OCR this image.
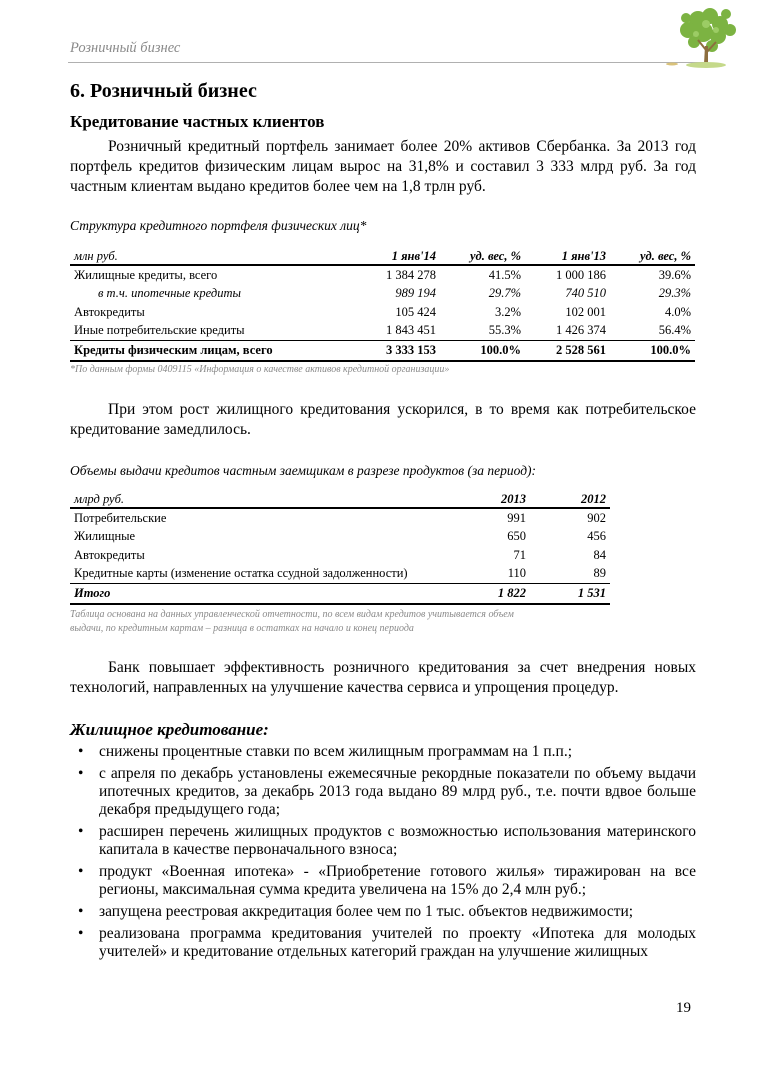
Розничный бизнес
6. Розничный бизнес
Кредитование частных клиентов

Розничный кредитный портфель занимает более 20% активов Сбербанка. За 2013 год портфель кредитов физическим лицам вырос на 31,8% и составил 3 333 млрд руб. За год частным клиентам выдано кредитов более чем на 1,8 трлн руб.

Структура кредитного портфеля физических лиц*
млн руб.	1 янв'14	уд. вес, %	1 янв'13	уд. вес, %
Жилищные кредиты, всего	1 384 278	41.5%	1 000 186	39.6%
в т.ч. ипотечные кредиты	989 194	29.7%	740 510	29.3%
Автокредиты	105 424	3.2%	102 001	4.0%
Иные потребительские кредиты	1 843 451	55.3%	1 426 374	56.4%
Кредиты физическим лицам, всего	3 333 153	100.0%	2 528 561	100.0%
*По данным формы 0409115 «Информация о качестве активов кредитной организации»

При этом рост жилищного кредитования ускорился, в то время как потребительское кредитование замедлилось.

Объемы выдачи кредитов частным заемщикам в разрезе продуктов (за период):
млрд руб.	2013	2012
Потребительские	991	902
Жилищные	650	456
Автокредиты	71	84
Кредитные карты (изменение остатка ссудной задолженности)	110	89
Итого	1 822	1 531
Таблица основана на данных управленческой отчетности, по всем видам кредитов учитывается объем
выдачи, по кредитным картам – разница в остатках на начало и конец периода

Банк повышает эффективность розничного кредитования за счет внедрения новых технологий, направленных на улучшение качества сервиса и упрощения процедур.

Жилищное кредитование:
• снижены процентные ставки по всем жилищным программам на 1 п.п.;
• с апреля по декабрь установлены ежемесячные рекордные показатели по объему выдачи ипотечных кредитов, за декабрь 2013 года выдано 89 млрд руб., т.е. почти вдвое больше декабря предыдущего года;
• расширен перечень жилищных продуктов с возможностью использования материнского капитала в качестве первоначального взноса;
• продукт «Военная ипотека» - «Приобретение готового жилья» тиражирован на все регионы, максимальная сумма кредита увеличена на 15% до 2,4 млн руб.;
• запущена реестровая аккредитация более чем по 1 тыс. объектов недвижимости;
• реализована программа кредитования учителей по проекту «Ипотека для молодых учителей» и кредитование отдельных категорий граждан на улучшение жилищных
19
